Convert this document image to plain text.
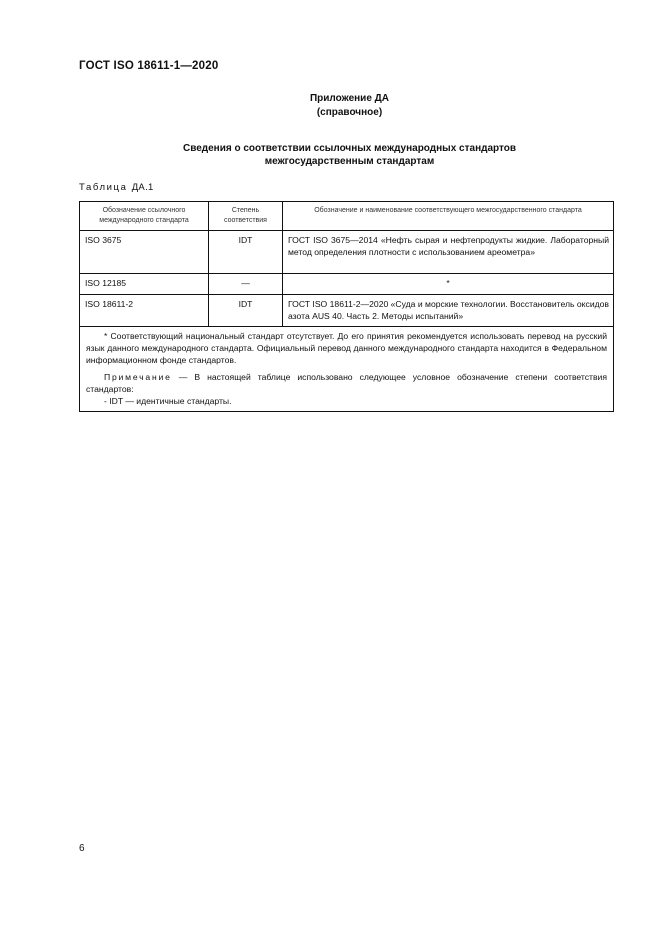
ГОСТ ISO 18611-1—2020
Приложение ДА
(справочное)
Сведения о соответствии ссылочных международных стандартов
межгосударственным стандартам
Таблица ДА.1
Обозначение ссылочного международного стандарта	Степень соответствия	Обозначение и наименование соответствующего межгосударственного стандарта
ISO 3675	IDT	ГОСТ ISO 3675—2014 «Нефть сырая и нефтепродукты жидкие. Лабораторный метод определения плотности с использованием ареометра»
ISO 12185	—	*
ISO 18611-2	IDT	ГОСТ ISO 18611-2—2020 «Суда и морские технологии. Восстановитель оксидов азота AUS 40. Часть 2. Методы испытаний»

* Соответствующий национальный стандарт отсутствует. До его принятия рекомендуется использовать перевод на русский язык данного международного стандарта. Официальный перевод данного международного стандарта находится в Федеральном информационном фонде стандартов.

Примечание — В настоящей таблице использовано следующее условное обозначение степени соответствия стандартов:

- IDT — идентичные стандарты.		

6
